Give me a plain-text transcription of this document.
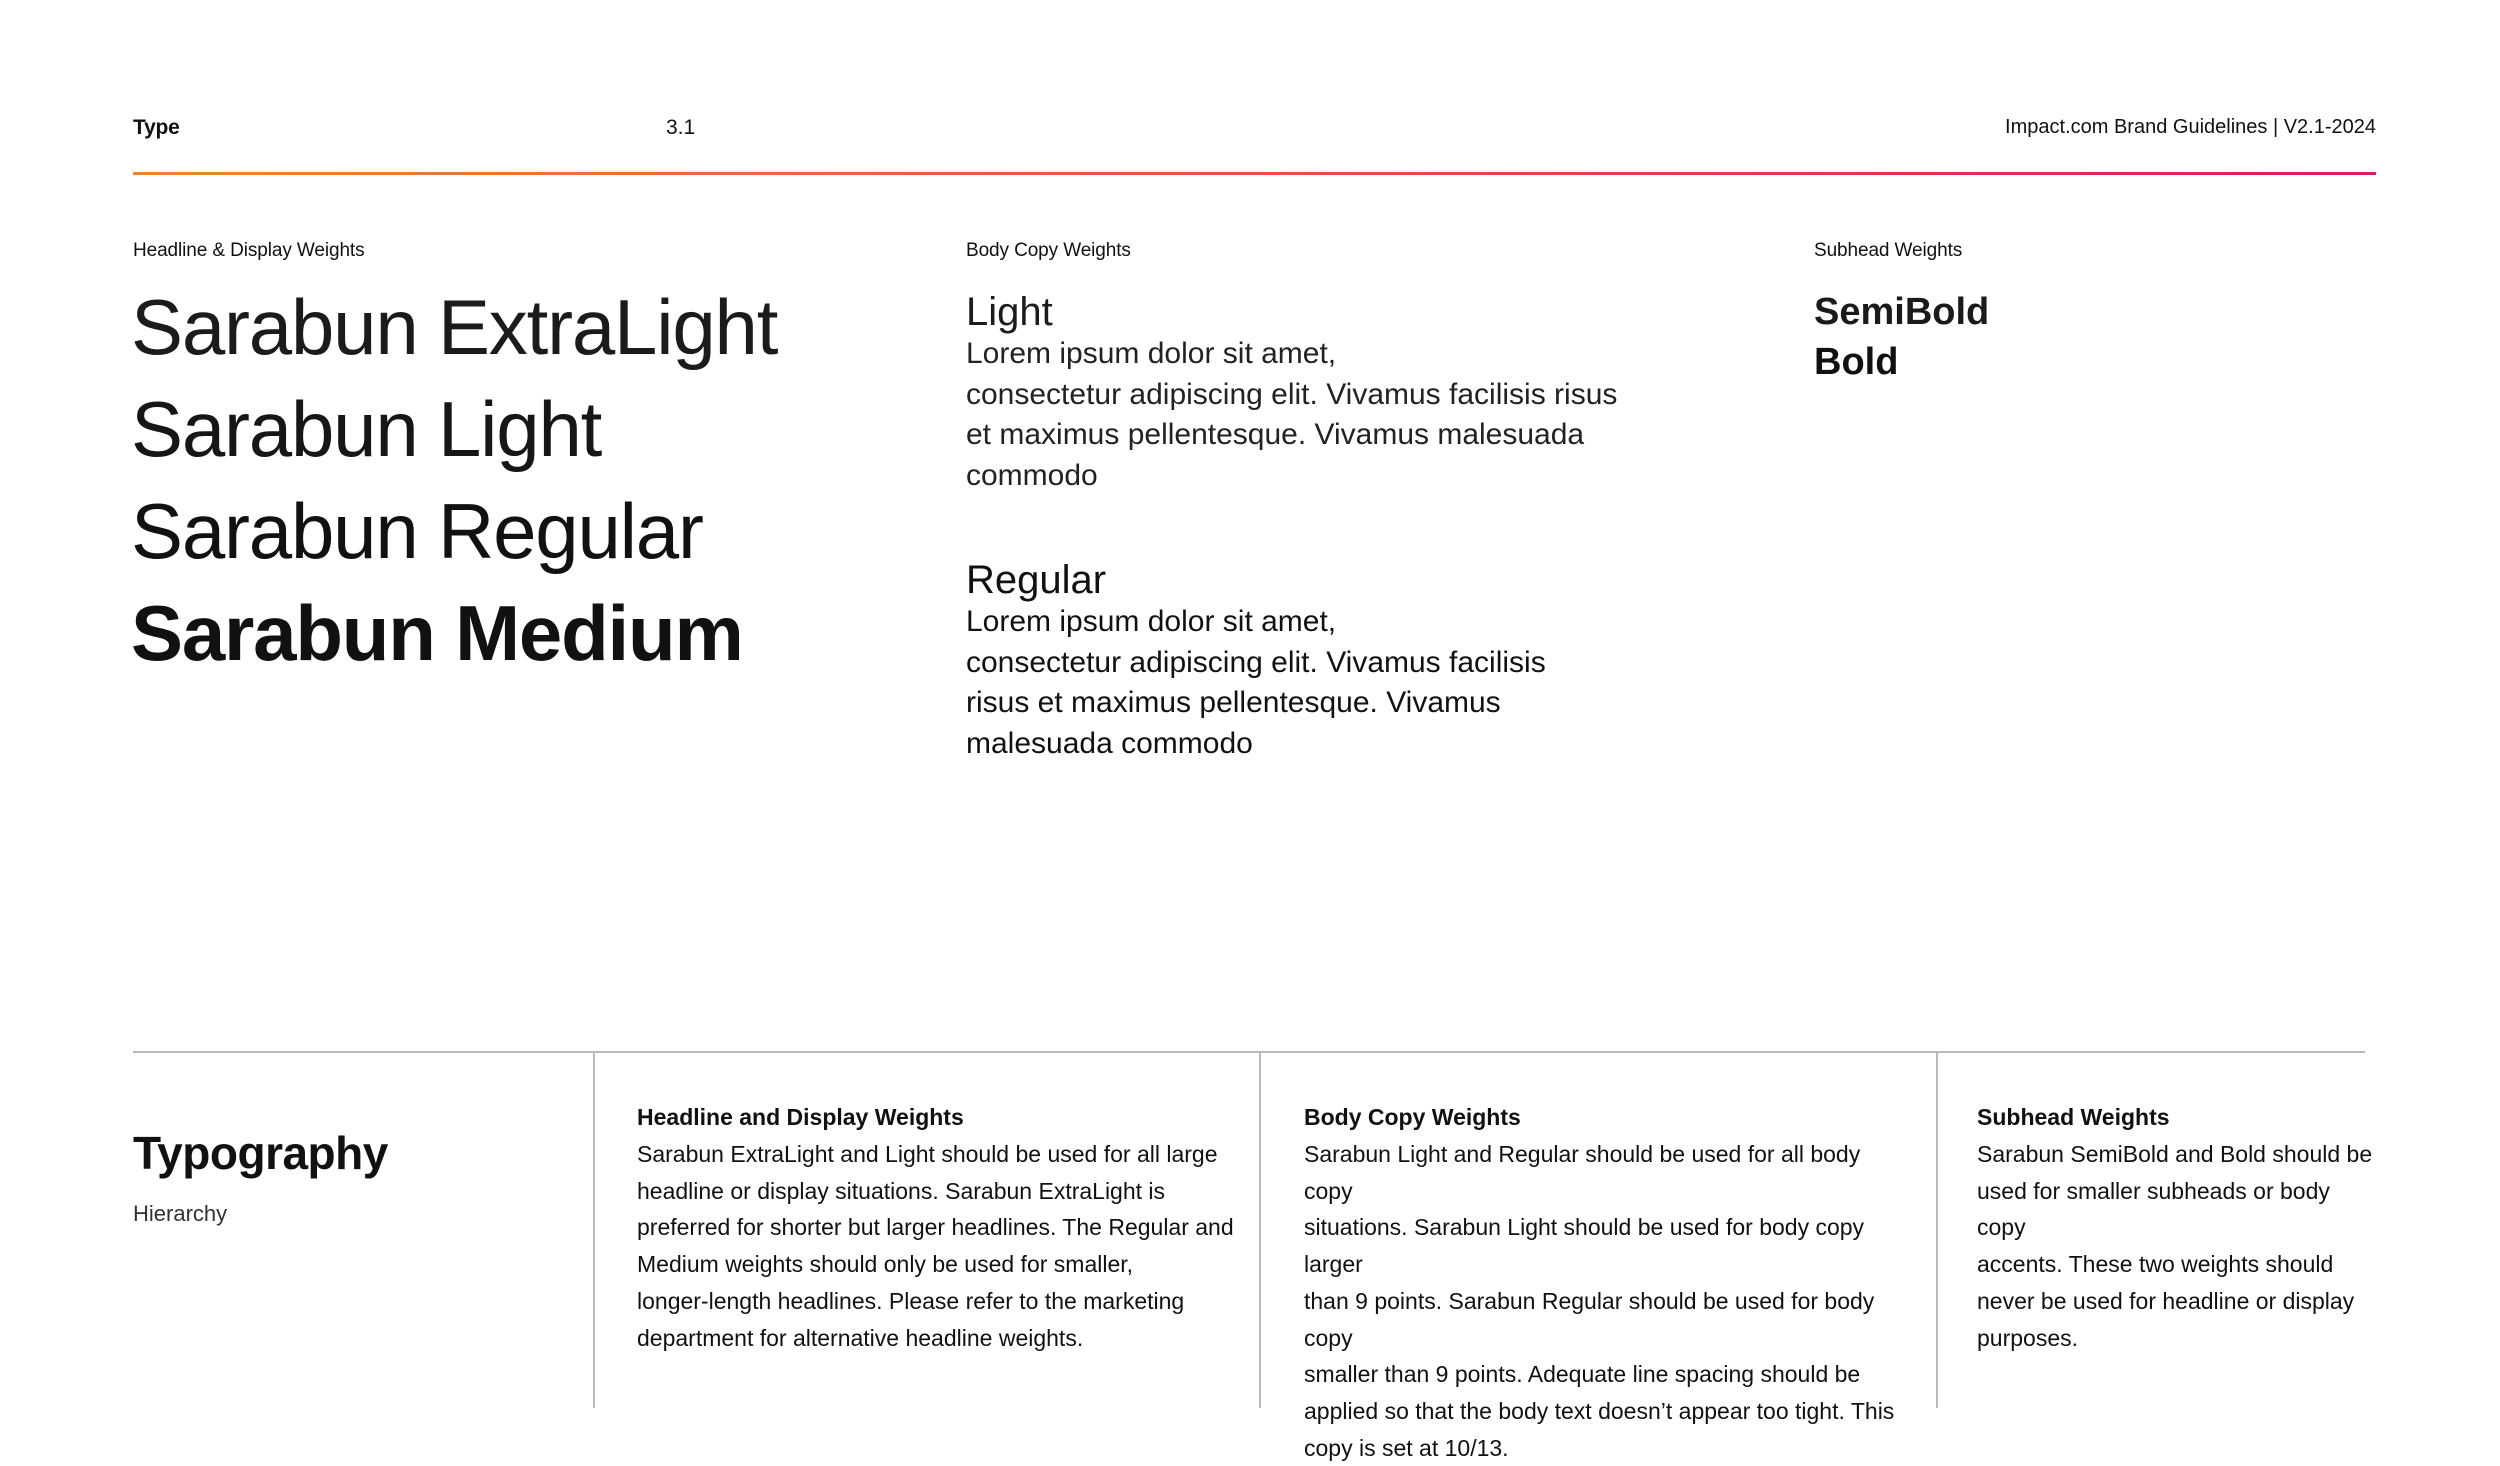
Type	3.1	Impact.com Brand Guidelines | V2.1-2024
Headline & Display Weights
Sarabun ExtraLight
Sarabun Light
Sarabun Regular
Sarabun Medium
Body Copy Weights
Light
Lorem ipsum dolor sit amet,
consectetur adipiscing elit. Vivamus facilisis risus
et maximus pellentesque. Vivamus malesuada
commodo
Regular
Lorem ipsum dolor sit amet,
consectetur adipiscing elit. Vivamus facilisis
risus et maximus pellentesque. Vivamus
malesuada commodo
Subhead Weights
SemiBold
Bold
Typography
Hierarchy
Headline and Display Weights
Sarabun ExtraLight and Light should be used for all large
headline or display situations. Sarabun ExtraLight is
preferred for shorter but larger headlines. The Regular and
Medium weights should only be used for smaller,
longer-length headlines. Please refer to the marketing
department for alternative headline weights.
Body Copy Weights
Sarabun Light and Regular should be used for all body copy
situations. Sarabun Light should be used for body copy larger
than 9 points. Sarabun Regular should be used for body copy
smaller than 9 points. Adequate line spacing should be
applied so that the body text doesn’t appear too tight. This
copy is set at 10/13.
Subhead Weights
Sarabun SemiBold and Bold should be
used for smaller subheads or body copy
accents. These two weights should
never be used for headline or display
purposes.
